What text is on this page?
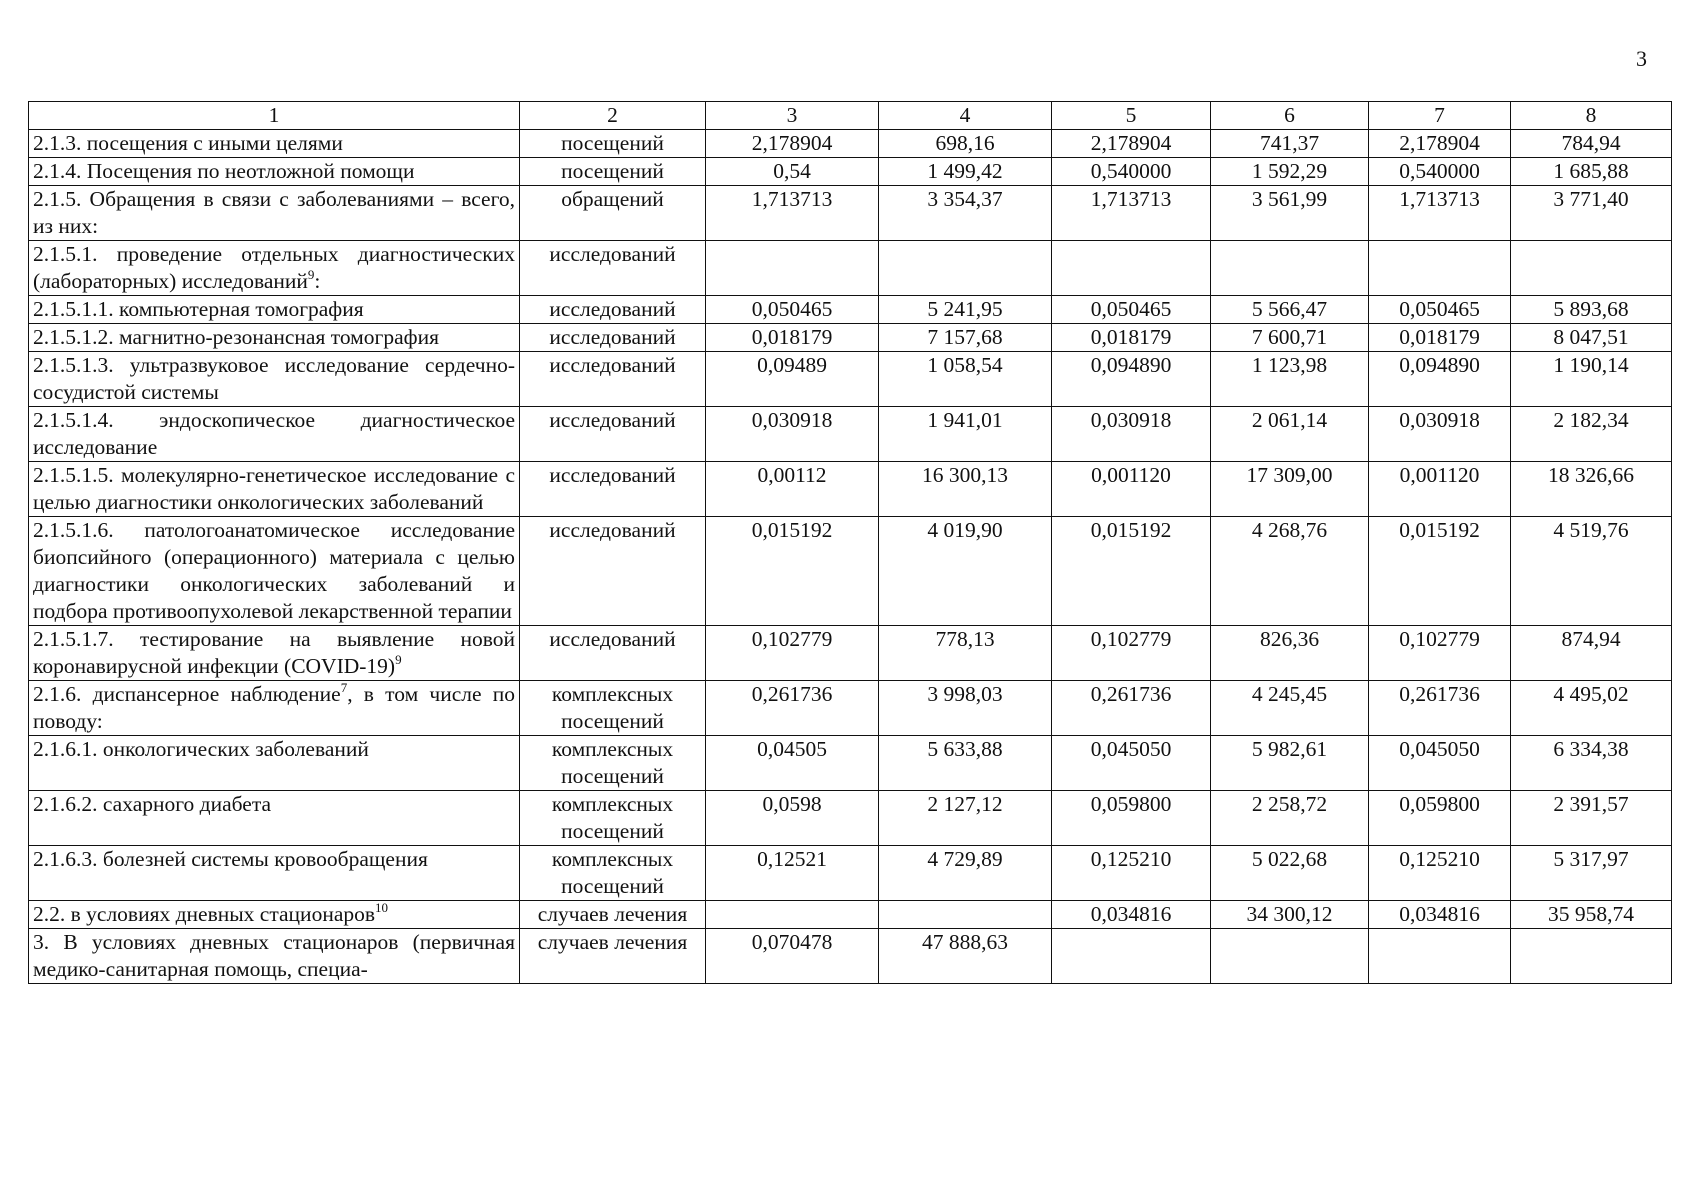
3
1	2	3	4	5	6	7	8
2.1.3. посещения с иными целями	посещений	2,178904	698,16	2,178904	741,37	2,178904	784,94
2.1.4. Посещения по неотложной помощи	посещений	0,54	1 499,42	0,540000	1 592,29	0,540000	1 685,88
2.1.5. Обращения в связи с заболеваниями – всего, из них:	обращений	1,713713	3 354,37	1,713713	3 561,99	1,713713	3 771,40
2.1.5.1. проведение отдельных диагностических (лабораторных) исследований$^9$:	исследований						
2.1.5.1.1. компьютерная томография	исследований	0,050465	5 241,95	0,050465	5 566,47	0,050465	5 893,68
2.1.5.1.2. магнитно-резонансная томография	исследований	0,018179	7 157,68	0,018179	7 600,71	0,018179	8 047,51
2.1.5.1.3. ультразвуковое исследование сердечно-сосудистой системы	исследований	0,09489	1 058,54	0,094890	1 123,98	0,094890	1 190,14
2.1.5.1.4. эндоскопическое диагностическое исследование	исследований	0,030918	1 941,01	0,030918	2 061,14	0,030918	2 182,34
2.1.5.1.5. молекулярно-генетическое исследование с целью диагностики онкологических заболеваний	исследований	0,00112	16 300,13	0,001120	17 309,00	0,001120	18 326,66
2.1.5.1.6. патологоанатомическое исследование биопсийного (операционного) материала с целью диагностики онкологических заболеваний и подбора противоопухолевой лекарственной терапии	исследований	0,015192	4 019,90	0,015192	4 268,76	0,015192	4 519,76
2.1.5.1.7. тестирование на выявление новой коронавирусной инфекции (COVID-19)$^9$	исследований	0,102779	778,13	0,102779	826,36	0,102779	874,94
2.1.6. диспансерное наблюдение$^7$, в том числе по поводу:	комплексных посещений	0,261736	3 998,03	0,261736	4 245,45	0,261736	4 495,02
2.1.6.1. онкологических заболеваний	комплексных посещений	0,04505	5 633,88	0,045050	5 982,61	0,045050	6 334,38
2.1.6.2. сахарного диабета	комплексных посещений	0,0598	2 127,12	0,059800	2 258,72	0,059800	2 391,57
2.1.6.3. болезней системы кровообращения	комплексных посещений	0,12521	4 729,89	0,125210	5 022,68	0,125210	5 317,97
2.2. в условиях дневных стационаров$^{10}$	случаев лечения			0,034816	34 300,12	0,034816	35 958,74
3. В условиях дневных стационаров (первичная медико-санитарная помощь, специа-	случаев лечения	0,070478	47 888,63				
